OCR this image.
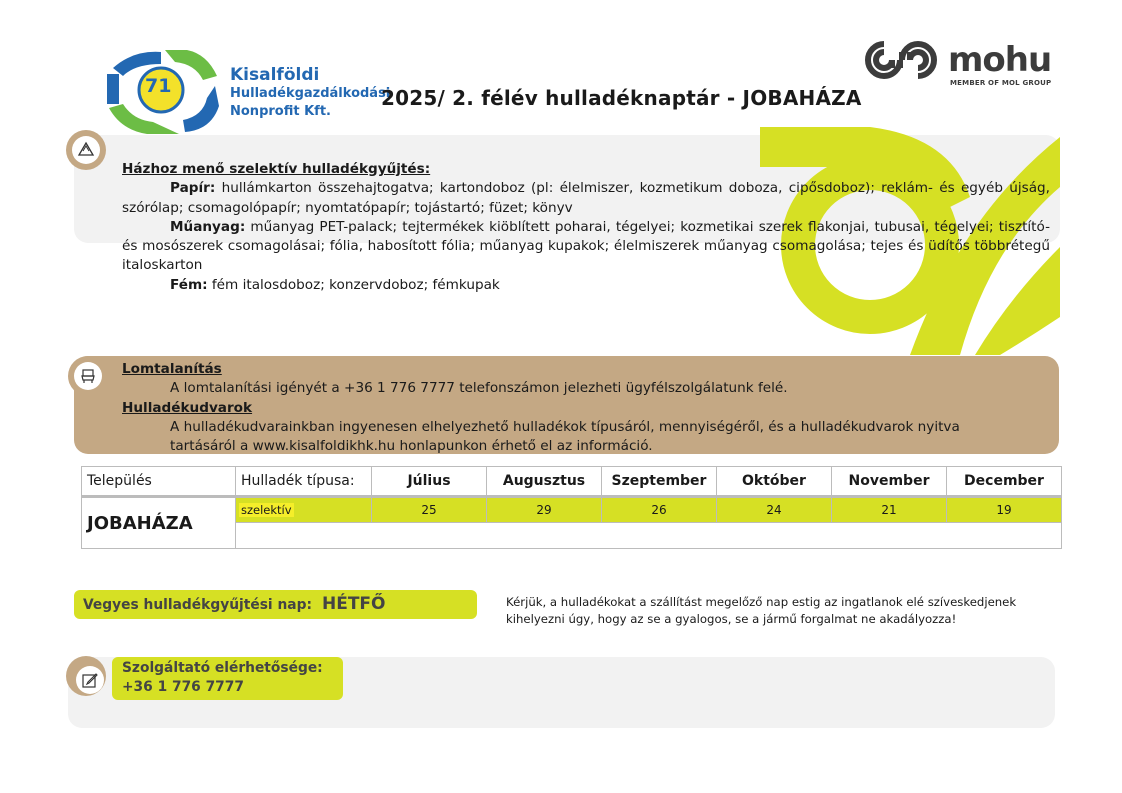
71	Kisalföldi
Hulladékgazdálkodási
Nonprofit Kft.
2025/ 2. félév hulladéknaptár - JOBAHÁZA
mohu
MEMBER OF MOL GROUP
Házhoz menő szelektív hulladékgyűjtés:
Papír: hullámkarton összehajtogatva; kartondoboz (pl: élelmiszer, kozmetikum doboza, cipősdoboz); reklám- és egyéb újság, szórólap; csomagolópapír; nyomtatópapír; tojástartó; füzet; könyv
Műanyag: műanyag PET-palack; tejtermékek kiöblített poharai, tégelyei; kozmetikai szerek flakonjai, tubusai, tégelyei; tisztító- és mosószerek csomagolásai; fólia, habosított fólia; műanyag kupakok; élelmiszerek műanyag csomagolása; tejes és üdítős többrétegű italoskarton
Fém: fém italosdoboz; konzervdoboz; fémkupak
Lomtalanítás
A lomtalanítási igényét a +36 1 776 7777 telefonszámon jelezheti ügyfélszolgálatunk felé.
Hulladékudvarok
A hulladékudvarainkban ingyenesen elhelyezhető hulladékok típusáról, mennyiségéről, és a hulladékudvarok nyitva tartásáról a www.kisalfoldikhk.hu honlapunkon érhető el az információ.
Település	Hulladék típusa:	Július	Augusztus	Szeptember	Október	November	December
JOBAHÁZA	szelektív	25	29	26	24	21	19

Vegyes hulladékgyűjtési nap: HÉTFŐ	Kérjük, a hulladékokat a szállítást megelőző nap estig az ingatlanok elé szíveskedjenek kihelyezni úgy, hogy az se a gyalogos, se a jármű forgalmat ne akadályozza!
Szolgáltató elérhetősége:
+36 1 776 7777
